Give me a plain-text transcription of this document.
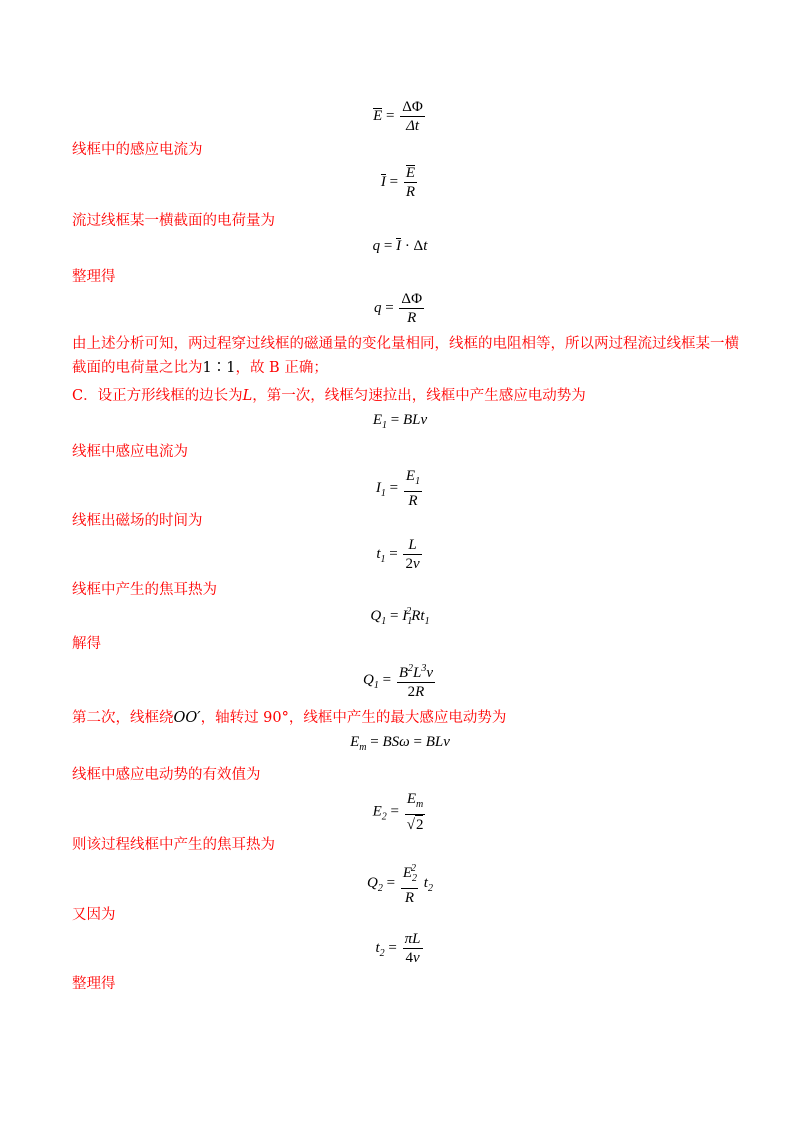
$E = \frac{\Delta\Phi}{\Delta t}$
线框中的感应电流为
$I = \frac{E}{R}$
流过线框某一横截面的电荷量为
q = I · Δt
整理得
$q = \frac{\Delta\Phi}{R}$
由上述分析可知，两过程穿过线框的磁通量的变化量相同，线框的电阻相等，所以两过程流过线框某一横
截面的电荷量之比为1∶1，故 B 正确；
C．设正方形线框的边长为L，第一次，线框匀速拉出，线框中产生感应电动势为
$E_1$ = BLv
线框中感应电流为
$I_1 = \frac{E_1}{R}$
线框出磁场的时间为
$t_1 = \frac{L}{2v}$
线框中产生的焦耳热为
$Q_1 = I_1^2Rt_1$
解得
$Q_1 = \frac{B^2L^3v}{2R}$
第二次，线框绕OO′，轴转过 90°，线框中产生的最大感应电动势为
$E_m = BS\omega$ = BLv
线框中感应电动势的有效值为
$E_2 = \frac{E_m}{√2}$
则该过程线框中产生的焦耳热为
$Q_2 = \frac{E_2^2}{R} t_2$
又因为
$t_2 = \frac{\pi L}{4v}$
整理得
